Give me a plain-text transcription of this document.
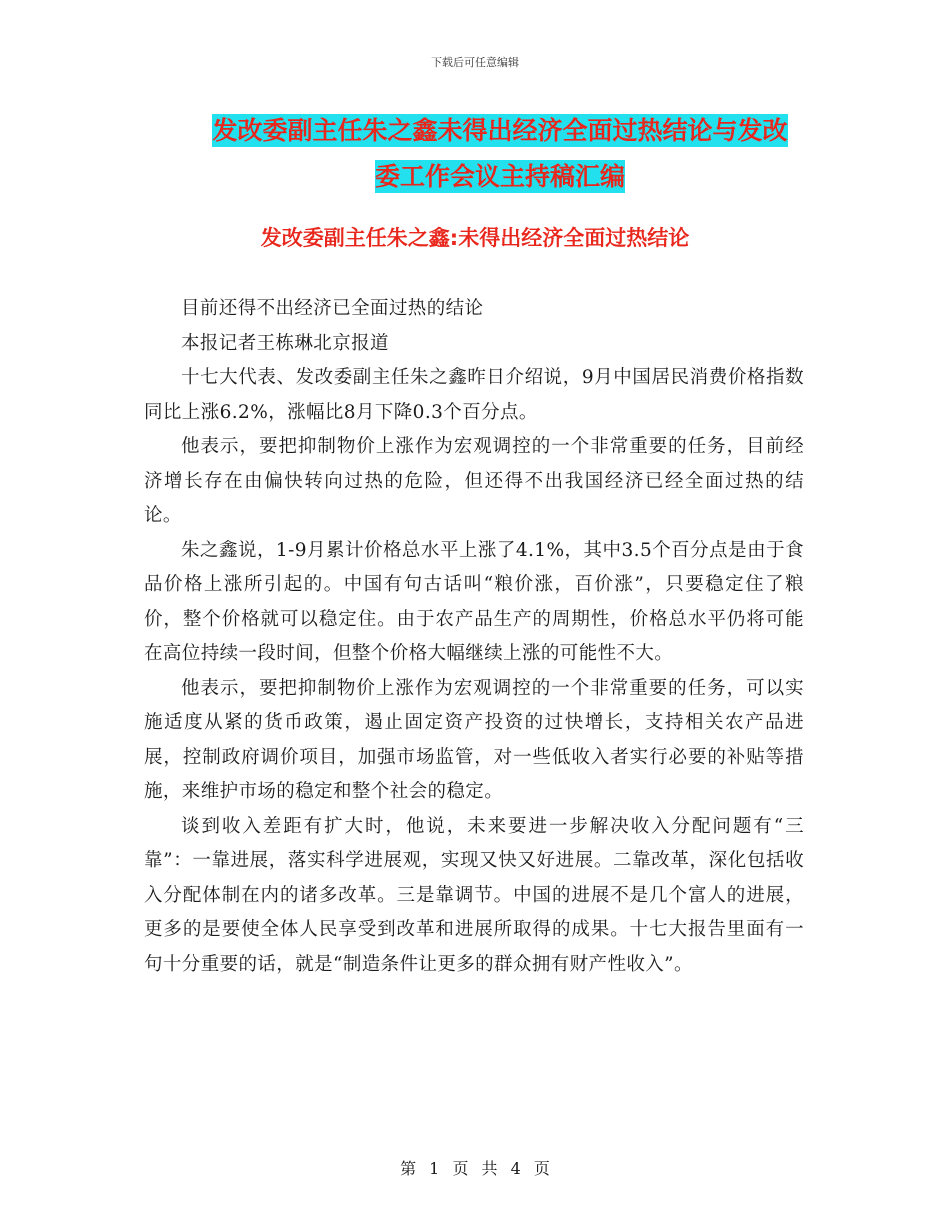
下载后可任意编辑
发改委副主任朱之鑫未得出经济全面过热结论与发改
委工作会议主持稿汇编
发改委副主任朱之鑫:未得出经济全面过热结论

目前还得不出经济已全面过热的结论

本报记者王栋琳北京报道

十七大代表、发改委副主任朱之鑫昨日介绍说，9月中国居民消费价格指数同比上涨6.2%，涨幅比8月下降0.3个百分点。

他表示，要把抑制物价上涨作为宏观调控的一个非常重要的任务，目前经济增长存在由偏快转向过热的危险，但还得不出我国经济已经全面过热的结论。

朱之鑫说，1-9月累计价格总水平上涨了4.1%，其中3.5个百分点是由于食品价格上涨所引起的。中国有句古话叫“粮价涨，百价涨”，只要稳定住了粮价，整个价格就可以稳定住。由于农产品生产的周期性，价格总水平仍将可能在高位持续一段时间，但整个价格大幅继续上涨的可能性不大。

他表示，要把抑制物价上涨作为宏观调控的一个非常重要的任务，可以实施适度从紧的货币政策，遏止固定资产投资的过快增长，支持相关农产品进展，控制政府调价项目，加强市场监管，对一些低收入者实行必要的补贴等措施，来维护市场的稳定和整个社会的稳定。

谈到收入差距有扩大时，他说，未来要进一步解决收入分配问题有“三靠”：一靠进展，落实科学进展观，实现又快又好进展。二靠改革，深化包括收入分配体制在内的诸多改革。三是靠调节。中国的进展不是几个富人的进展，更多的是要使全体人民享受到改革和进展所取得的成果。十七大报告里面有一句十分重要的话，就是“制造条件让更多的群众拥有财产性收入”。

第 1 页 共 4 页
